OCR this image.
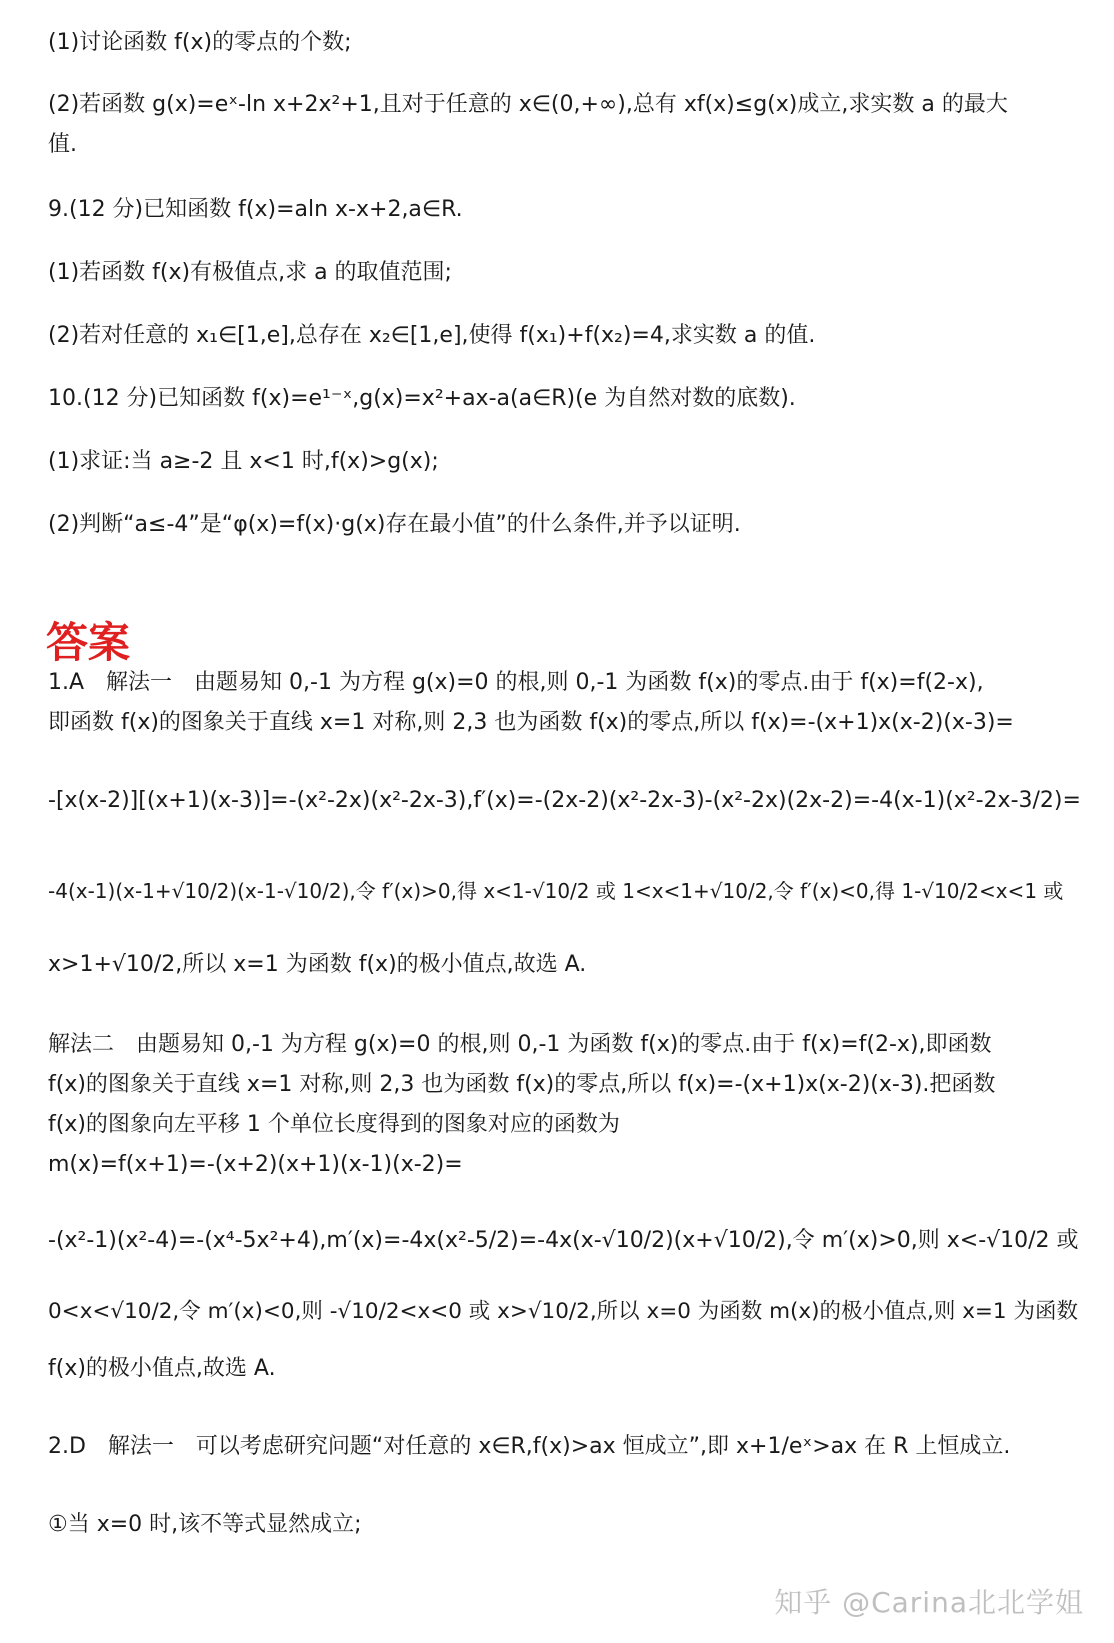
(1)讨论函数 f(x)的零点的个数;
(2)若函数 g(x)=eˣ-ln x+2x²+1,且对于任意的 x∈(0,+∞),总有 xf(x)≤g(x)成立,求实数 a 的最大
值.
9.(12 分)已知函数 f(x)=aln x-x+2,a∈R.
(1)若函数 f(x)有极值点,求 a 的取值范围;
(2)若对任意的 x₁∈[1,e],总存在 x₂∈[1,e],使得 f(x₁)+f(x₂)=4,求实数 a 的值.
10.(12 分)已知函数 f(x)=e¹⁻ˣ,g(x)=x²+ax-a(a∈R)(e 为自然对数的底数).
(1)求证:当 a≥-2 且 x<1 时,f(x)>g(x);
(2)判断“a≤-4”是“φ(x)=f(x)·g(x)存在最小值”的什么条件,并予以证明.
答案
1.A　解法一　由题易知 0,-1 为方程 g(x)=0 的根,则 0,-1 为函数 f(x)的零点.由于 f(x)=f(2-x),
即函数 f(x)的图象关于直线 x=1 对称,则 2,3 也为函数 f(x)的零点,所以 f(x)=-(x+1)x(x-2)(x-3)=
-[x(x-2)][(x+1)(x-3)]=-(x²-2x)(x²-2x-3),f′(x)=-(2x-2)(x²-2x-3)-(x²-2x)(2x-2)=-4(x-1)(x²-2x-3/2)=
-4(x-1)(x-1+√10/2)(x-1-√10/2),令 f′(x)>0,得 x<1-√10/2 或 1<x<1+√10/2,令 f′(x)<0,得 1-√10/2<x<1 或
x>1+√10/2,所以 x=1 为函数 f(x)的极小值点,故选 A.
解法二　由题易知 0,-1 为方程 g(x)=0 的根,则 0,-1 为函数 f(x)的零点.由于 f(x)=f(2-x),即函数
f(x)的图象关于直线 x=1 对称,则 2,3 也为函数 f(x)的零点,所以 f(x)=-(x+1)x(x-2)(x-3).把函数
f(x)的图象向左平移 1 个单位长度得到的图象对应的函数为
m(x)=f(x+1)=-(x+2)(x+1)(x-1)(x-2)=
-(x²-1)(x²-4)=-(x⁴-5x²+4),m′(x)=-4x(x²-5/2)=-4x(x-√10/2)(x+√10/2),令 m′(x)>0,则 x<-√10/2 或
0<x<√10/2,令 m′(x)<0,则 -√10/2<x<0 或 x>√10/2,所以 x=0 为函数 m(x)的极小值点,则 x=1 为函数
f(x)的极小值点,故选 A.
2.D　解法一　可以考虑研究问题“对任意的 x∈R,f(x)>ax 恒成立”,即 x+1/eˣ>ax 在 R 上恒成立.
①当 x=0 时,该不等式显然成立;
知乎 @Carina北北学姐
